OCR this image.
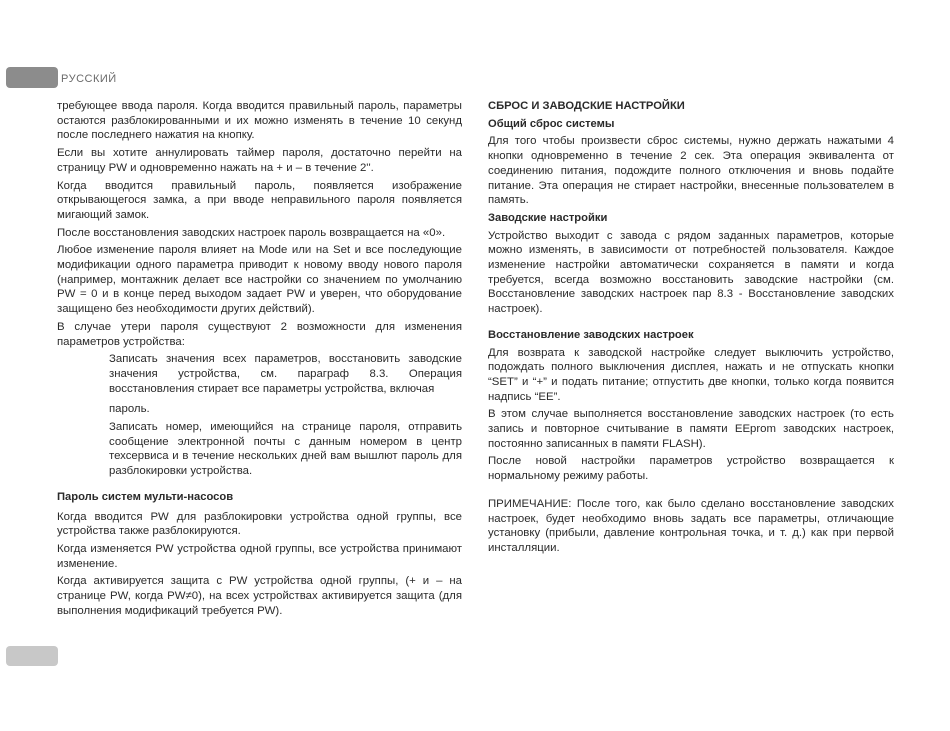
РУССКИЙ

требующее ввода пароля. Когда вводится правильный пароль, параметры остаются разблокированными и их можно изменять в течение 10 секунд после последнего нажатия на кнопку.

Если вы хотите аннулировать таймер пароля, достаточно перейти на страницу PW и одновременно нажать на + и – в течение 2''.

Когда вводится правильный пароль, появляется изображение открывающегося замка, а при вводе неправильного пароля появляется мигающий замок.

После восстановления заводских настроек пароль возвращается на «0».

Любое изменение пароля влияет на Mode или на Set и все последующие модификации одного параметра приводит к новому вводу нового пароля (например, монтажник делает все настройки со значением по умолчанию PW = 0 и в конце перед выходом задает PW и уверен, что оборудование защищено без необходимости других действий).

В случае утери пароля существуют 2 возможности для изменения параметров устройства:

Записать значения всех параметров, восстановить заводские значения устройства, см. параграф 8.3. Операция восстановления стирает все параметры устройства, включая

пароль.

Записать номер, имеющийся на странице пароля, отправить сообщение электронной почты с данным номером в центр техсервиса и в течение нескольких дней вам вышлют пароль для разблокировки устройства.

Пароль систем мульти-насосов

Когда вводится PW для разблокировки устройства одной группы, все устройства также разблокируются.

Когда изменяется PW устройства одной группы, все устройства принимают изменение.

Когда активируется защита с PW устройства одной группы, (+ и – на странице PW, когда PW≠0), на всех устройствах активируется защита (для выполнения модификаций требуется PW).

СБРОС И ЗАВОДСКИЕ НАСТРОЙКИ

Общий сброс системы

Для того чтобы произвести сброс системы, нужно держать нажатыми 4 кнопки одновременно в течение 2 сек. Эта операция эквивалента от соединению питания, подождите полного отключения и вновь подайте питание. Эта операция не стирает настройки, внесенные пользователем в память.

Заводские настройки

Устройство выходит с завода с рядом заданных параметров, которые можно изменять, в зависимости от потребностей пользователя. Каждое изменение настройки автоматически сохраняется в памяти и когда требуется, всегда возможно восстановить заводские настройки (см. Восстановление заводских настроек пар 8.3 - Восстановление заводских настроек).

Восстановление заводских настроек

Для возврата к заводской настройке следует выключить устройство, подождать полного выключения дисплея, нажать и не отпускать кнопки “SET” и “+” и подать питание; отпустить две кнопки, только когда появится надпись “EE”.

В этом случае выполняется восстановление заводских настроек (то есть запись и повторное считывание в памяти EEprom заводских настроек, постоянно записанных в памяти FLASH).

После новой настройки параметров устройство возвращается к нормальному режиму работы.

ПРИМЕЧАНИЕ: После того, как было сделано восстановление заводских настроек, будет необходимо вновь задать все параметры, отличающие установку (прибыли, давление контрольная точка, и т. д.) как при первой инсталляции.
